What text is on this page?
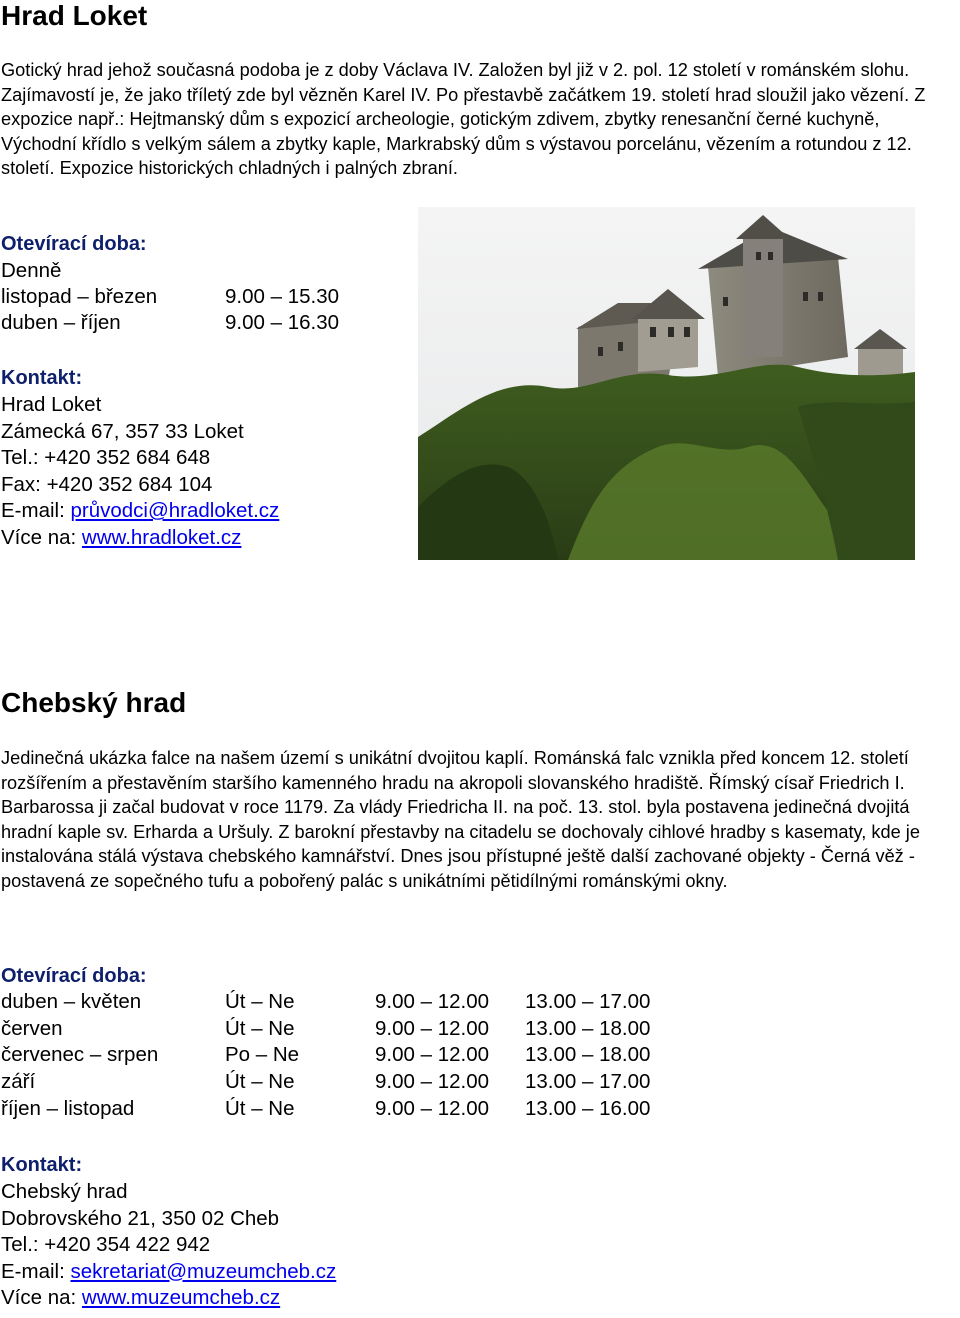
Hrad Loket

Gotický hrad jehož současná podoba je z doby Václava IV. Založen byl již v 2. pol. 12 století v románském slohu. Zajímavostí je, že jako tříletý zde byl vězněn Karel IV. Po přestavbě začátkem 19. století hrad sloužil jako vězení. Z expozice např.: Hejtmanský dům s expozicí archeologie, gotickým zdivem, zbytky renesanční černé kuchyně, Východní křídlo s velkým sálem a zbytky kaple, Markrabský dům s výstavou porcelánu, vězením a rotundou z 12. století. Expozice historických chladných i palných zbraní.

Otevírací doba:
Denně
listopad – březen	9.00 – 15.30
duben – říjen	9.00 – 16.30
Kontakt:
Hrad Loket
Zámecká 67, 357 33 Loket
Tel.: +420 352 684 648
Fax: +420 352 684 104
E-mail: průvodci@hradloket.cz
Více na: www.hradloket.cz
Chebský hrad

Jedinečná ukázka falce na našem území s unikátní dvojitou kaplí. Románská falc vznikla před koncem 12. století rozšířením a přestavěním staršího kamenného hradu na akropoli slovanského hradiště. Římský císař Friedrich I. Barbarossa ji začal budovat v roce 1179. Za vlády Friedricha II. na poč. 13. stol. byla postavena jedinečná dvojitá hradní kaple sv. Erharda a Uršuly. Z barokní přestavby na citadelu se dochovaly cihlové hradby s kasematy, kde je instalována stálá výstava chebského kamnářství. Dnes jsou přístupné ještě další zachované objekty - Černá věž - postavená ze sopečného tufu a pobořený palác s unikátními pětidílnými románskými okny.

Otevírací doba:
duben – květen	Út – Ne	9.00 – 12.00 13.00 – 17.00
červen	Út – Ne	9.00 – 12.00 13.00 – 18.00
červenec – srpen	Po – Ne	9.00 – 12.00 13.00 – 18.00
září	Út – Ne	9.00 – 12.00 13.00 – 17.00
říjen – listopad	Út – Ne	9.00 – 12.00 13.00 – 16.00
Kontakt:
Chebský hrad
Dobrovského 21, 350 02 Cheb
Tel.: +420 354 422 942
E-mail: sekretariat@muzeumcheb.cz
Více na: www.muzeumcheb.cz
